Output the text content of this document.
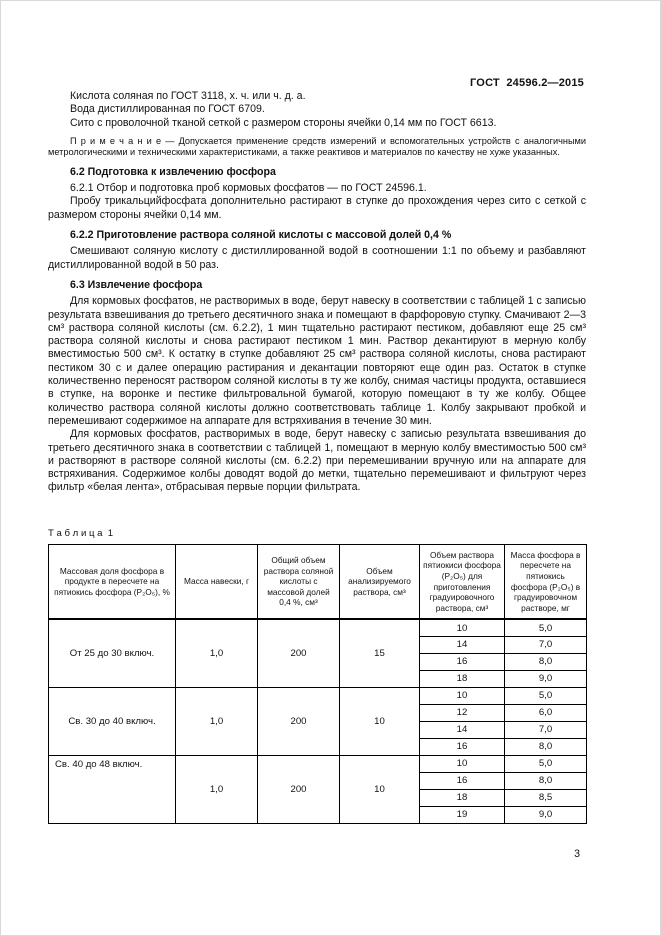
ГОСТ  24596.2—2015

Кислота соляная по ГОСТ 3118, х. ч. или ч. д. а.

Вода дистиллированная по ГОСТ 6709.

Сито с проволочной тканой сеткой с размером стороны ячейки 0,14 мм по ГОСТ 6613.

П р и м е ч а н и е — Допускается применение средств измерений и вспомогательных устройств с аналогичными метрологическими и техническими характеристиками, а также реактивов и материалов по качеству не хуже указанных.

6.2 Подготовка к извлечению фосфора

6.2.1 Отбор и подготовка проб кормовых фосфатов — по ГОСТ 24596.1.

Пробу трикальцийфосфата дополнительно растирают в ступке до прохождения через сито с сеткой с размером стороны ячейки 0,14 мм.

6.2.2 Приготовление раствора соляной кислоты с массовой долей 0,4 %

Смешивают соляную кислоту с дистиллированной водой в соотношении 1:1 по объему и разбавляют дистиллированной водой в 50 раз.

6.3 Извлечение фосфора

Для кормовых фосфатов, не растворимых в воде, берут навеску в соответствии с таблицей 1 с записью результата взвешивания до третьего десятичного знака и помещают в фарфоровую ступку. Смачивают 2—3 см³ раствора соляной кислоты (см. 6.2.2), 1 мин тщательно растирают пестиком, добавляют еще 25 см³ раствора соляной кислоты и снова растирают пестиком 1 мин. Раствор декантируют в мерную колбу вместимостью 500 см³. К остатку в ступке добавляют 25 см³ раствора соляной кислоты, снова растирают пестиком 30 с и далее операцию растирания и декантации повторяют еще один раз. Остаток в ступке количественно переносят раствором соляной кислоты в ту же колбу, снимая частицы продукта, оставшиеся в ступке, на воронке и пестике фильтровальной бумагой, которую помещают в ту же колбу. Общее количество раствора соляной кислоты должно соответствовать таблице 1. Колбу закрывают пробкой и перемешивают содержимое на аппарате для встряхивания в течение 30 мин.

Для кормовых фосфатов, растворимых в воде, берут навеску с записью результата взвешивания до третьего десятичного знака в соответствии с таблицей 1, помещают в мерную колбу вместимостью 500 см³ и растворяют в растворе соляной кислоты (см. 6.2.2) при перемешивании вручную или на аппарате для встряхивания. Содержимое колбы доводят водой до метки, тщательно перемешивают и фильтруют через фильтр «белая лента», отбрасывая первые порции фильтрата.

Т а б л и ц а  1

Массовая доля фосфора в продукте в пересчете на пятиокись фосфора (P₂O₅), %	Масса навески, г	Общий объем раствора соляной кислоты с массовой долей 0,4 %, см³	Объем анализируемого раствора, см³	Объем раствора пятиокиси фосфора (P₂O₅) для приготовления градуировочного раствора, см³	Масса фосфора в пересчете на пятиокись фосфора (P₂O₅) в градуировочном растворе, мг
От 25 до 30 включ.	1,0	200	15	10	5,0
				14	7,0
				16	8,0
				18	9,0
Св. 30 до 40 включ.	1,0	200	10	10	5,0
				12	6,0
				14	7,0
				16	8,0
Св. 40 до 48 включ.	1,0	200	10	10	5,0
				16	8,0
				18	8,5
				19	9,0
3
